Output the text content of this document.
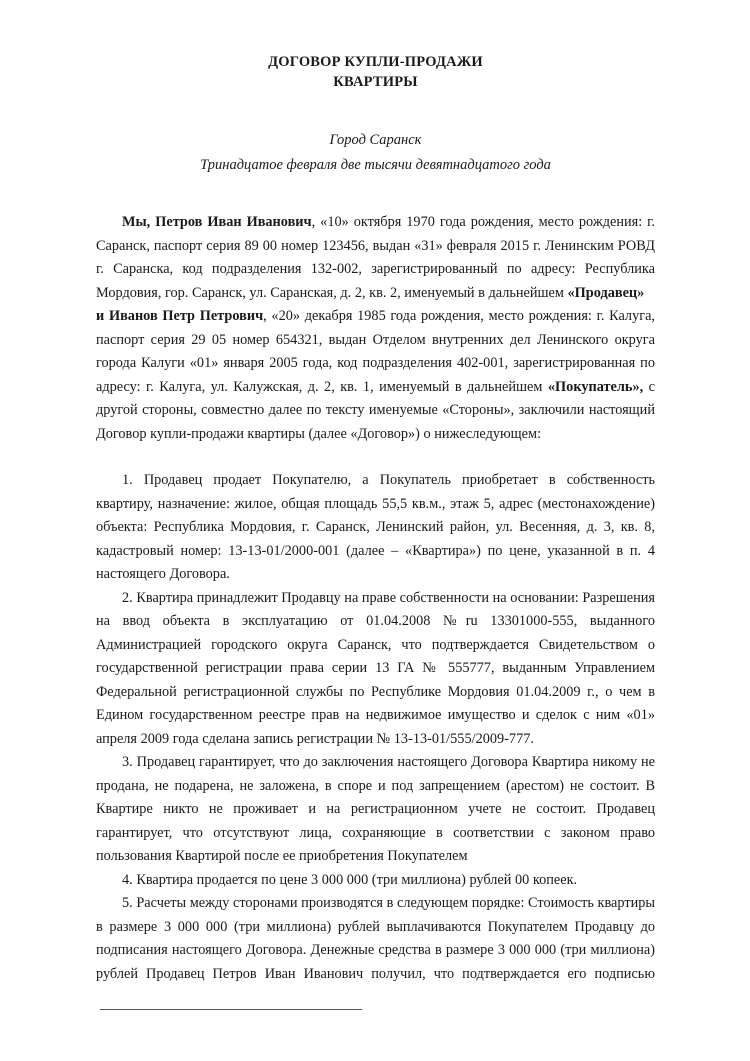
ДОГОВОР КУПЛИ-ПРОДАЖИ
КВАРТИРЫ
Город Саранск
Тринадцатое февраля две тысячи девятнадцатого года

Мы, Петров Иван Иванович, «10» октября 1970 года рождения, место рождения: г. Саранск, паспорт серия 89 00 номер 123456, выдан «31» февраля 2015 г. Ленинским РОВД г. Саранска, код подразделения 132-002, зарегистрированный по адресу: Республика Мордовия, гор. Саранск, ул. Саранская, д. 2, кв. 2, именуемый в дальнейшем «Продавец»

и Иванов Петр Петрович, «20» декабря 1985 года рождения, место рождения: г. Калуга, паспорт серия 29 05 номер 654321, выдан Отделом внутренних дел Ленинского округа города Калуги «01» января 2005 года, код подразделения 402-001, зарегистрированная по адресу: г. Калуга, ул. Калужская, д. 2, кв. 1, именуемый в дальнейшем «Покупатель», с другой стороны, совместно далее по тексту именуемые «Стороны», заключили настоящий Договор купли-продажи квартиры (далее «Договор») о нижеследующем:

1. Продавец продает Покупателю, а Покупатель приобретает в собственность квартиру, назначение: жилое, общая площадь 55,5 кв.м., этаж 5, адрес (местонахождение) объекта: Республика Мордовия, г. Саранск, Ленинский район, ул. Весенняя, д. 3, кв. 8, кадастровый номер: 13-13-01/2000-001 (далее – «Квартира») по цене, указанной в п. 4 настоящего Договора.

2. Квартира принадлежит Продавцу на праве собственности на основании: Разрешения на ввод объекта в эксплуатацию от 01.04.2008 №ru 13301000-555, выданного Администрацией городского округа Саранск, что подтверждается Свидетельством о государственной регистрации права серии 13 ГА № 555777, выданным Управлением Федеральной регистрационной службы по Республике Мордовия 01.04.2009 г., о чем в Едином государственном реестре прав на недвижимое имущество и сделок с ним «01» апреля 2009 года сделана запись регистрации № 13-13-01/555/2009-777.

3. Продавец гарантирует, что до заключения настоящего Договора Квартира никому не продана, не подарена, не заложена, в споре и под запрещением (арестом) не состоит. В Квартире никто не проживает и на регистрационном учете не состоит. Продавец гарантирует, что отсутствуют лица, сохраняющие в соответствии с законом право пользования Квартирой после ее приобретения Покупателем

4. Квартира продается по цене 3 000 000 (три миллиона) рублей 00 копеек.

5. Расчеты между сторонами производятся в следующем порядке: Стоимость квартиры в размере 3 000 000 (три миллиона) рублей выплачиваются Покупателем Продавцу до подписания настоящего Договора. Денежные средства в размере 3 000 000 (три миллиона) рублей Продавец Петров Иван Иванович получил, что подтверждается его подписью
